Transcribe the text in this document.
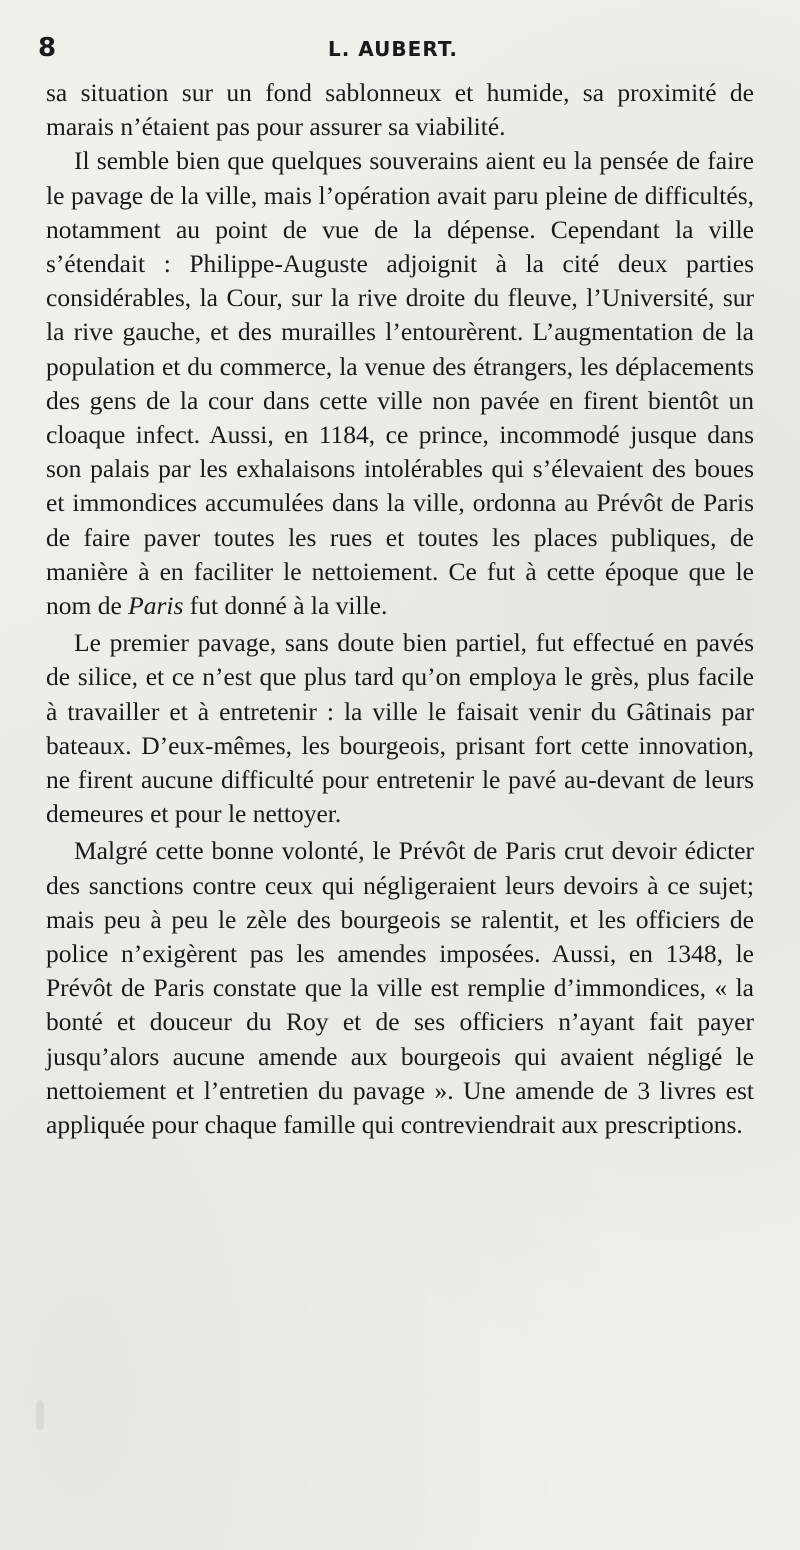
8	L. AUBERT.

sa situation sur un fond sablonneux et humide, sa proximité de marais n’étaient pas pour assurer sa viabilité.

Il semble bien que quelques souverains aient eu la pensée de faire le pavage de la ville, mais l’opération avait paru pleine de difficultés, notamment au point de vue de la dépense. Cependant la ville s’étendait : Philippe-Auguste adjoignit à la cité deux parties considérables, la Cour, sur la rive droite du fleuve, l’Université, sur la rive gauche, et des murailles l’entourèrent. L’augmentation de la population et du commerce, la venue des étrangers, les déplacements des gens de la cour dans cette ville non pavée en firent bientôt un cloaque infect. Aussi, en 1184, ce prince, incommodé jusque dans son palais par les exhalaisons intolérables qui s’élevaient des boues et immondices accumulées dans la ville, ordonna au Prévôt de Paris de faire paver toutes les rues et toutes les places publiques, de manière à en faciliter le nettoiement. Ce fut à cette époque que le nom de Paris fut donné à la ville.

Le premier pavage, sans doute bien partiel, fut effectué en pavés de silice, et ce n’est que plus tard qu’on employa le grès, plus facile à travailler et à entretenir : la ville le faisait venir du Gâtinais par bateaux. D’eux-mêmes, les bourgeois, prisant fort cette innovation, ne firent aucune difficulté pour entretenir le pavé au-devant de leurs demeures et pour le nettoyer.

Malgré cette bonne volonté, le Prévôt de Paris crut devoir édicter des sanctions contre ceux qui négligeraient leurs devoirs à ce sujet; mais peu à peu le zèle des bourgeois se ralentit, et les officiers de police n’exigèrent pas les amendes imposées. Aussi, en 1348, le Prévôt de Paris constate que la ville est remplie d’immondices, « la bonté et douceur du Roy et de ses officiers n’ayant fait payer jusqu’alors aucune amende aux bourgeois qui avaient négligé le nettoiement et l’entretien du pavage ». Une amende de 3 livres est appliquée pour chaque famille qui contreviendrait aux prescriptions.
